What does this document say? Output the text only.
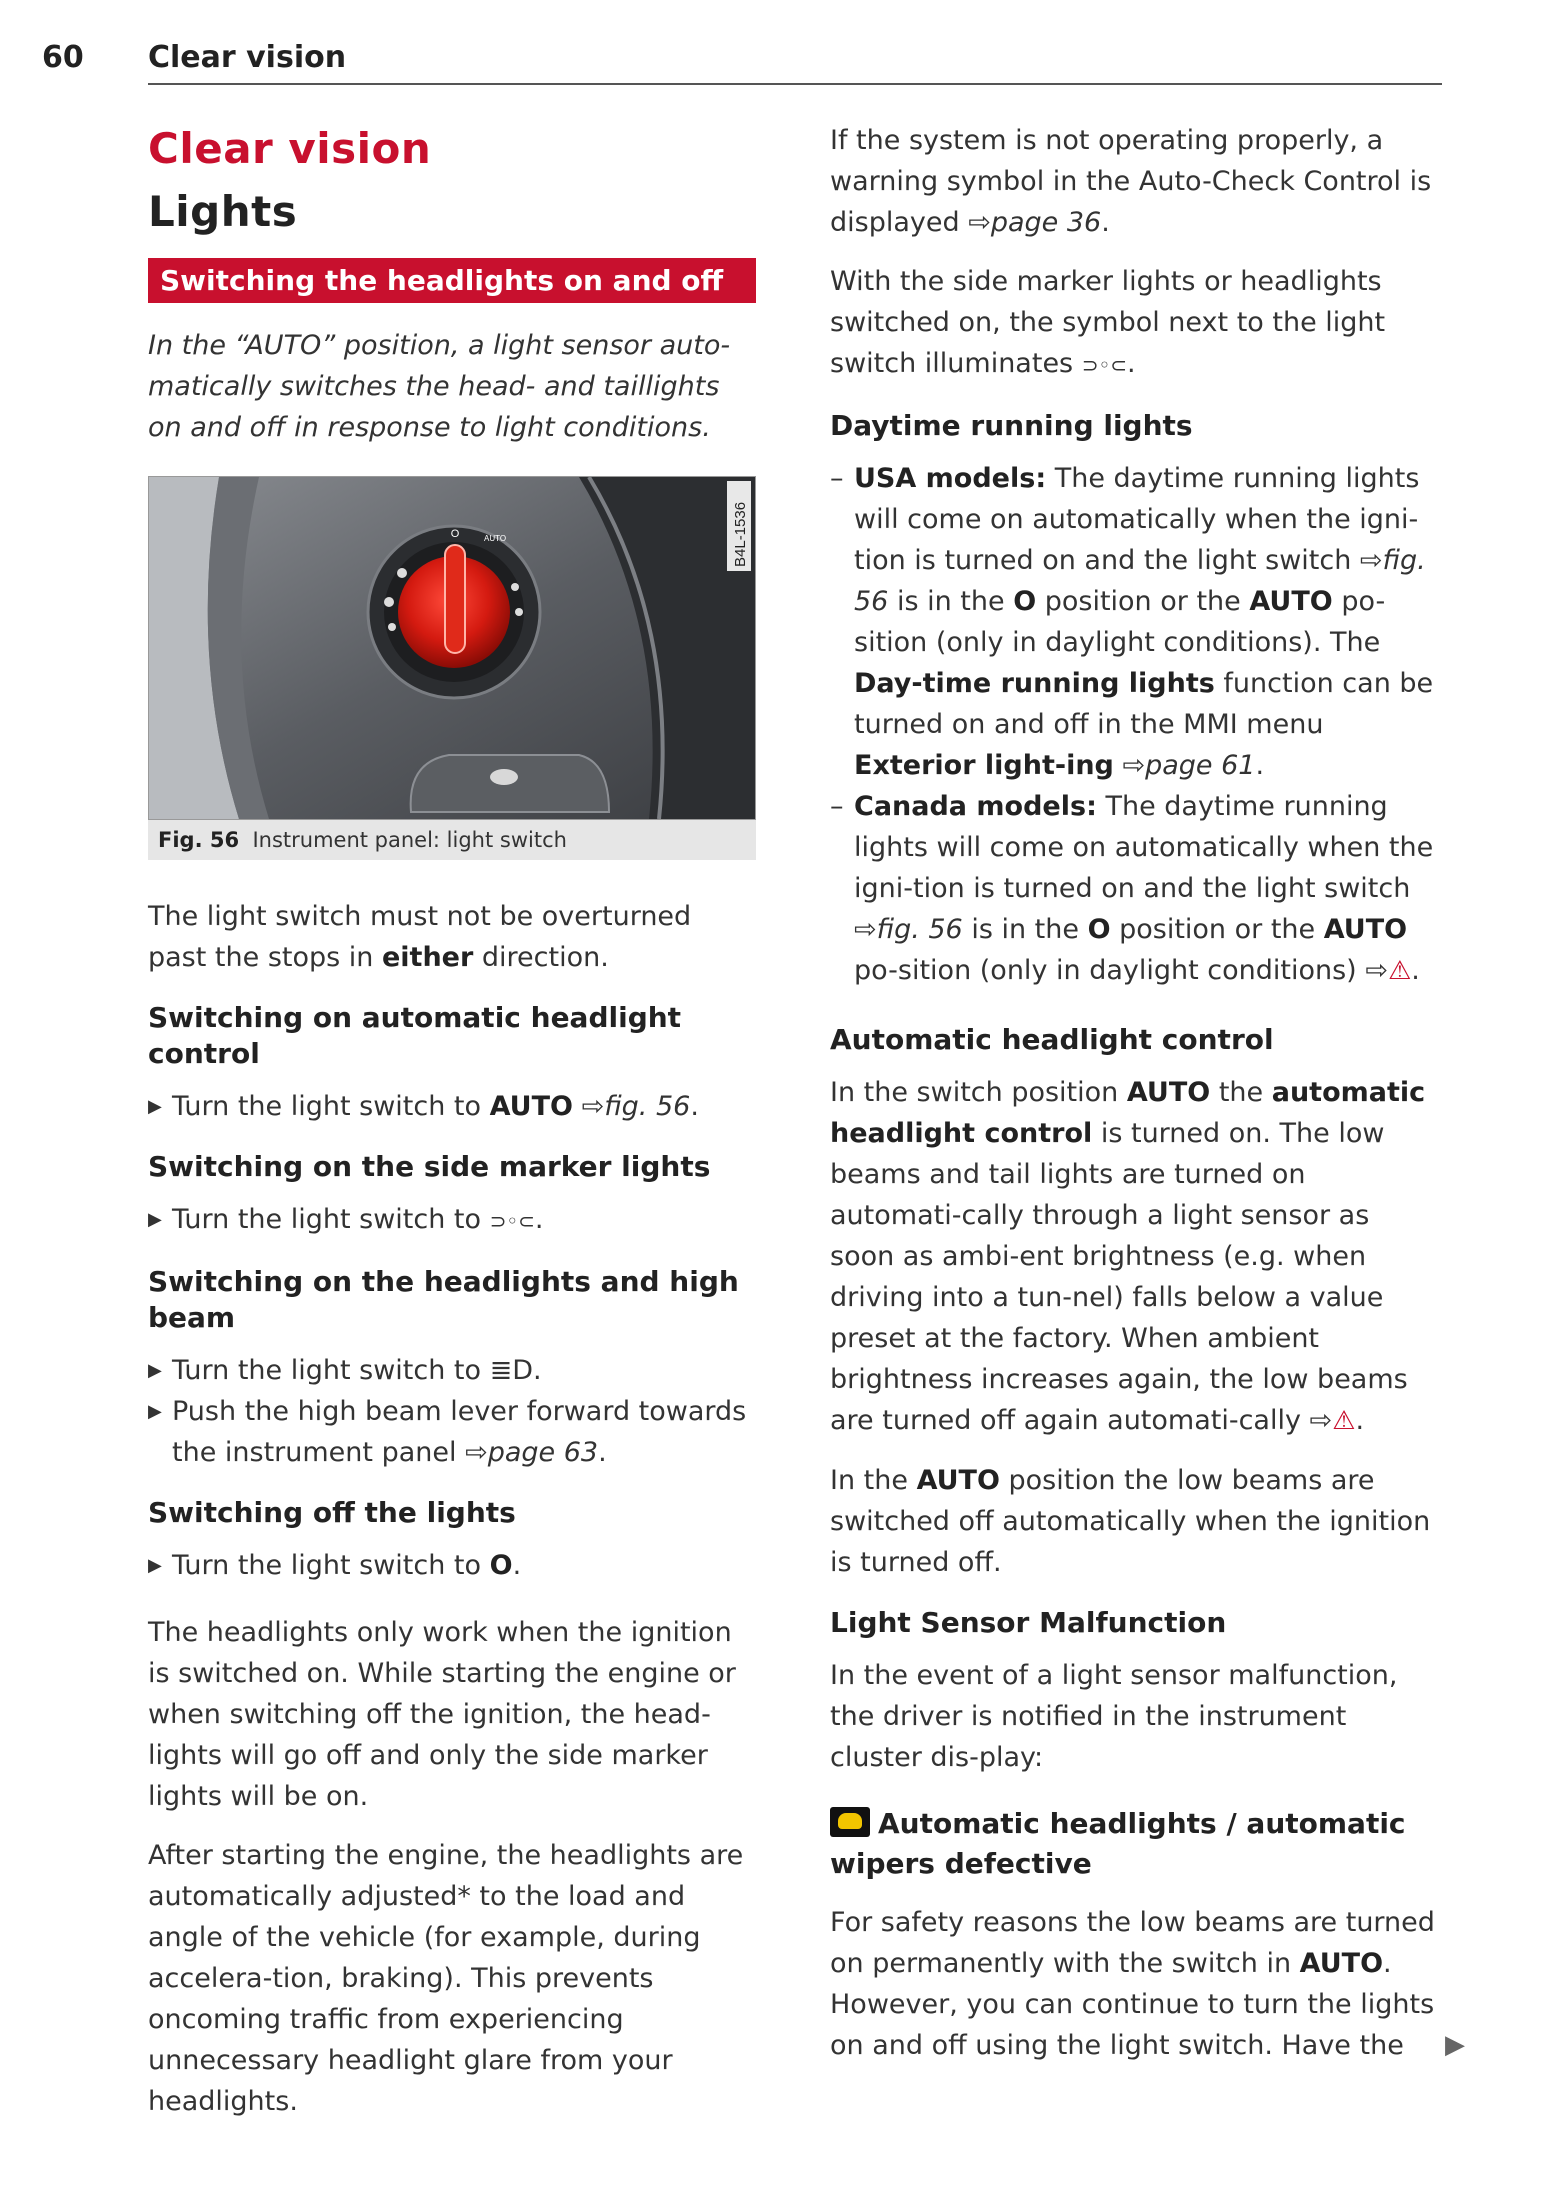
60 Clear vision
Clear vision
Lights
Switching the headlights on and off

In the “AUTO” position, a light sensor auto-matically switches the head- and taillights on and off in response to light conditions.

B4L-1536
O	AUTO
Fig. 56 Instrument panel: light switch

The light switch must not be overturned past the stops in either direction.

Switching on automatic headlight control

▶ Turn the light switch to AUTO ⇨fig. 56.

Switching on the side marker lights

▶ Turn the light switch to ⊃◦⊂.

Switching on the headlights and high beam

▶ Turn the light switch to ≣D.

▶ Push the high beam lever forward towards the instrument panel ⇨page 63.

Switching off the lights

▶ Turn the light switch to O.

The headlights only work when the ignition is switched on. While starting the engine or when switching off the ignition, the head-lights will go off and only the side marker lights will be on.

After starting the engine, the headlights are automatically adjusted* to the load and angle of the vehicle (for example, during accelera-tion, braking). This prevents oncoming traffic from experiencing unnecessary headlight glare from your headlights.

If the system is not operating properly, a warning symbol in the Auto-Check Control is displayed ⇨page 36.

With the side marker lights or headlights switched on, the symbol next to the light switch illuminates ⊃◦⊂.

Daytime running lights

– USA models: The daytime running lights will come on automatically when the igni-tion is turned on and the light switch ⇨fig. 56 is in the O position or the AUTO po-sition (only in daylight conditions). The Day-time running lights function can be turned on and off in the MMI menu Exterior light-ing ⇨page 61.

– Canada models: The daytime running lights will come on automatically when the igni-tion is turned on and the light switch ⇨fig. 56 is in the O position or the AUTO po-sition (only in daylight conditions) ⇨⚠.

Automatic headlight control

In the switch position AUTO the automatic headlight control is turned on. The low beams and tail lights are turned on automati-cally through a light sensor as soon as ambi-ent brightness (e.g. when driving into a tun-nel) falls below a value preset at the factory. When ambient brightness increases again, the low beams are turned off again automati-cally ⇨⚠.

In the AUTO position the low beams are switched off automatically when the ignition is turned off.

Light Sensor Malfunction

In the event of a light sensor malfunction, the driver is notified in the instrument cluster dis-play:

Automatic headlights / automatic wipers defective

For safety reasons the low beams are turned on permanently with the switch in AUTO. However, you can continue to turn the lights on and off using the light switch. Have the	▶
